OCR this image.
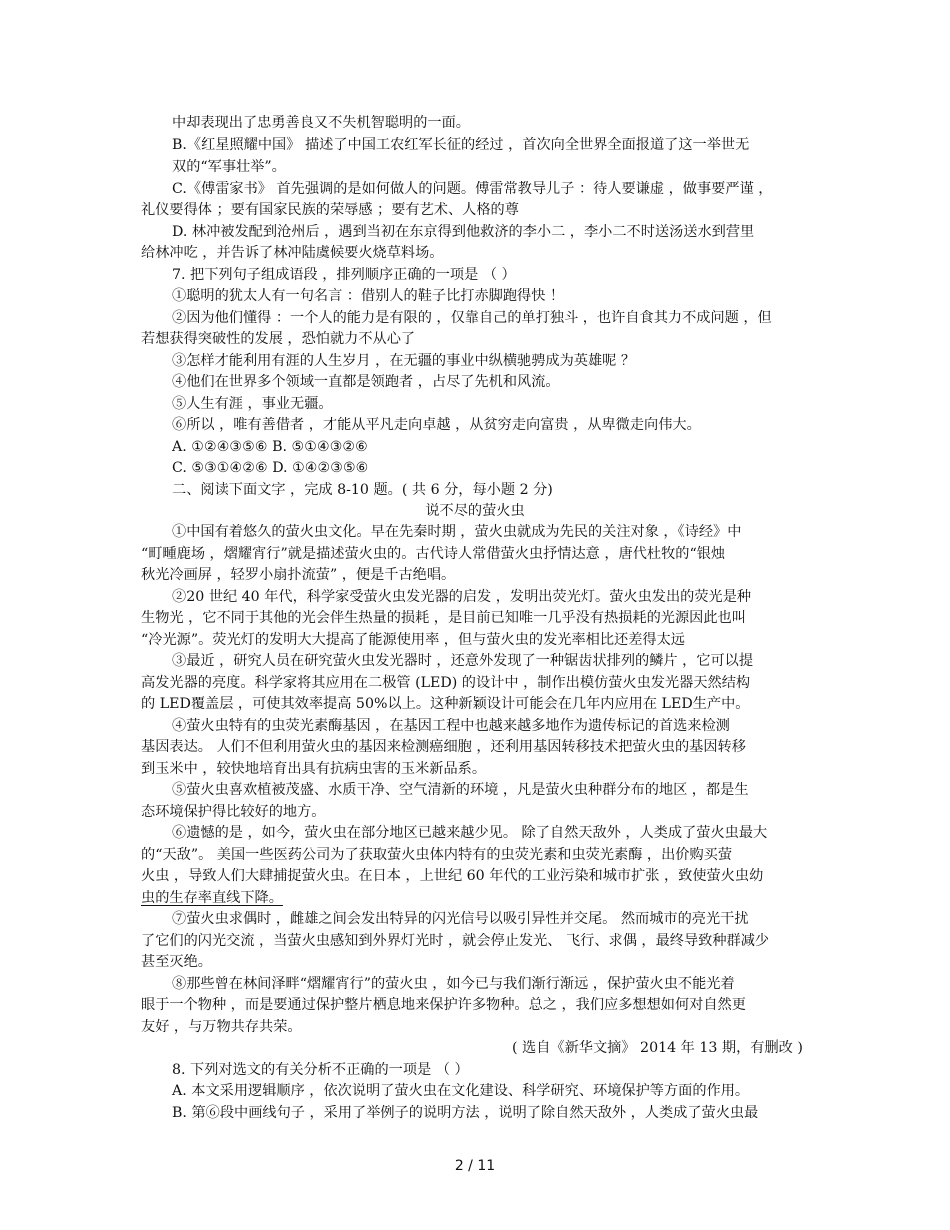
中却表现出了忠勇善良又不失机智聪明的一面。
B.《红星照耀中国》 描述了中国工农红军长征的经过 ，首次向全世界全面报道了这一举世无
双的“军事壮举”。
C.《傅雷家书》 首先强调的是如何做人的问题。傅雷常教导儿子 ：待人要谦虚 ，做事要严谨 ，
礼仪要得体 ；要有国家民族的荣辱感 ；要有艺术、人格的尊
D. 林冲被发配到沧州后 ，遇到当初在东京得到他救济的李小二 ，李小二不时送汤送水到营里
给林冲吃 ，并告诉了林冲陆虞候要火烧草料场。
7. 把下列句子组成语段 ，排列顺序正确的一项是 （ ）
①聪明的犹太人有一句名言 ：借别人的鞋子比打赤脚跑得快 ！
②因为他们懂得 ：一个人的能力是有限的 ，仅靠自己的单打独斗 ，也许自食其力不成问题 ，但
若想获得突破性的发展 ，恐怕就力不从心了
③怎样才能利用有涯的人生岁月 ，在无疆的事业中纵横驰骋成为英雄呢 ？
④他们在世界多个领域一直都是领跑者 ，占尽了先机和风流。
⑤人生有涯 ，事业无疆。
⑥所以 ，唯有善借者 ，才能从平凡走向卓越 ，从贫穷走向富贵 ，从卑微走向伟大。
A. ①②④③⑤⑥ B. ⑤①④③②⑥
C. ⑤③①④②⑥ D. ①④②③⑤⑥
二、阅读下面文字 ，完成 8-10 题。( 共 6 分，每小题 2 分)
说不尽的萤火虫
①中国有着悠久的萤火虫文化。早在先秦时期 ，萤火虫就成为先民的关注对象 ，《诗经》中
“町畽鹿场 ，熠耀宵行”就是描述萤火虫的。古代诗人常借萤火虫抒情达意 ，唐代杜牧的“银烛
秋光冷画屏 ，轻罗小扇扑流萤” ，便是千古绝唱。
②20 世纪 40 年代，科学家受萤火虫发光器的启发 ，发明出荧光灯。萤火虫发出的荧光是种
生物光 ，它不同于其他的光会伴生热量的损耗 ，是目前已知唯一几乎没有热损耗的光源因此也叫
“冷光源”。荧光灯的发明大大提高了能源使用率 ，但与萤火虫的发光率相比还差得太远
③最近 ，研究人员在研究萤火虫发光器时 ，还意外发现了一种锯齿状排列的鳞片 ，它可以提
高发光器的亮度。科学家将其应用在二极管 (LED) 的设计中 ，制作出模仿萤火虫发光器天然结构
的 LED覆盖层 ，可使其效率提高 50%以上。这种新颖设计可能会在几年内应用在 LED生产中。
④萤火虫特有的虫荧光素酶基因 ，在基因工程中也越来越多地作为遗传标记的首选来检测
基因表达。 人们不但利用萤火虫的基因来检测癌细胞 ，还利用基因转移技术把萤火虫的基因转移
到玉米中 ，较快地培育出具有抗病虫害的玉米新品系。
⑤萤火虫喜欢植被茂盛、水质干净、空气清新的环境 ，凡是萤火虫种群分布的地区 ，都是生
态环境保护得比较好的地方。
⑥遗憾的是 ，如今，萤火虫在部分地区已越来越少见。 除了自然天敌外 ，人类成了萤火虫最大
的“天敌”。 美国一些医药公司为了获取萤火虫体内特有的虫荧光素和虫荧光素酶 ，出价购买萤
火虫 ，导致人们大肆捕捉萤火虫。在日本 ，上世纪 60 年代的工业污染和城市扩张 ，致使萤火虫幼
虫的生存率直线下降。
⑦萤火虫求偶时 ，雌雄之间会发出特异的闪光信号以吸引异性并交尾。 然而城市的亮光干扰
了它们的闪光交流 ，当萤火虫感知到外界灯光时 ，就会停止发光、 飞行、求偶 ，最终导致种群减少
甚至灭绝。
⑧那些曾在林间泽畔“熠耀宵行”的萤火虫 ，如今已与我们渐行渐远 ，保护萤火虫不能光着
眼于一个物种 ，而是要通过保护整片栖息地来保护许多物种。总之 ，我们应多想想如何对自然更
友好 ，与万物共存共荣。
( 选自《新华文摘》 2014 年 13 期，有删改 )
8. 下列对选文的有关分析不正确的一项是 （ ）
A. 本文采用逻辑顺序 ，依次说明了萤火虫在文化建设、科学研究、环境保护等方面的作用。
B. 第⑥段中画线句子 ，采用了举例子的说明方法 ，说明了除自然天敌外 ，人类成了萤火虫最
2 / 11
